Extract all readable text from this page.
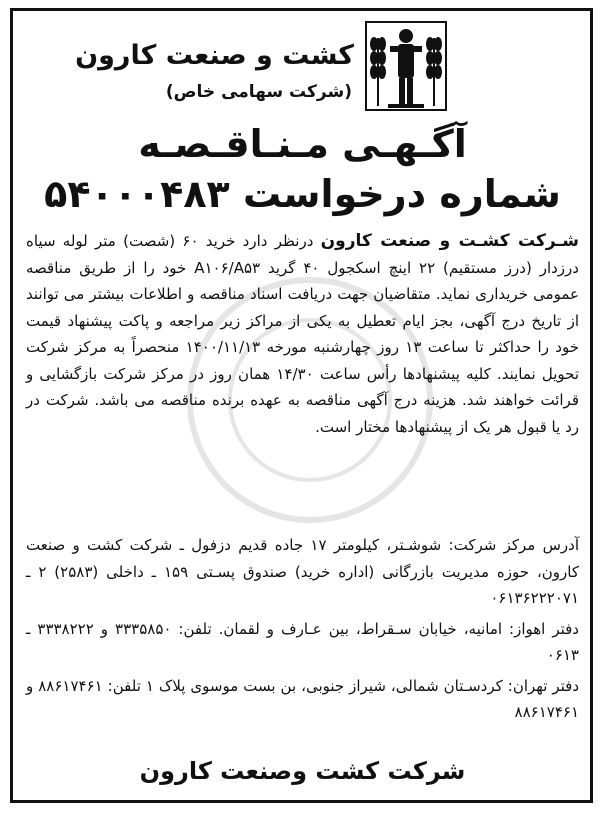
کشت و صنعت کارون
(شرکت سهامی خاص)
آگـهـی مـنـاقـصـه
شماره درخواست ۵۴۰۰۰۴۸۳

شـرکت کشـت و صنعت کارون درنظر دارد خرید ۶۰ (شصت) متر لوله سیاه درزدار (درز مستقیم) ۲۲ اینچ اسکجول ۴۰ گرید A۱۰۶/A۵۳ خود را از طریق مناقصه عمومی خریداری نماید. متقاضیان جهت دریافت اسناد مناقصه و اطلاعات بیشتر می توانند از تاریخ درج آگهی، بجز ایام تعطیل به یکی از مراکز زیر مراجعه و پاکت پیشنهاد قیمت خود را حداکثر تا ساعت ۱۳ روز چهارشنبه مورخه ۱۴۰۰/۱۱/۱۳ منحصراً به مرکز شرکت تحویل نمایند. کلیه پیشنهادها رأس ساعت ۱۴/۳۰ همان روز در مرکز شرکت بازگشایی و قرائت خواهند شد. هزینه درج آگهی مناقصه به عهده برنده مناقصه می باشد. شرکت در رد یا قبول هر یک از پیشنهادها مختار است.

آدرس مرکز شرکت: شوشـتر، کیلومتر ۱۷ جاده قدیم دزفول ـ شرکت کشت و صنعت کارون، حوزه مدیریت بازرگانی (اداره خرید) صندوق پسـتی ۱۵۹ ـ داخلی (۲۵۸۳) ۲ ـ ۰۶۱۳۶۲۲۲۰۷۱

دفتر اهواز: امانیه، خیابان سـقراط، بین عـارف و لقمان. تلفن: ۳۳۳۵۸۵۰ و ۳۳۳۸۲۲۲ ـ ۰۶۱۳

دفتر تهران: کردسـتان شمالی، شیراز جنوبی، بن بست موسوی پلاک ۱ تلفن: ۸۸۶۱۷۴۶۱ و ۸۸۶۱۷۴۶۱

شرکت کشت وصنعت کارون
